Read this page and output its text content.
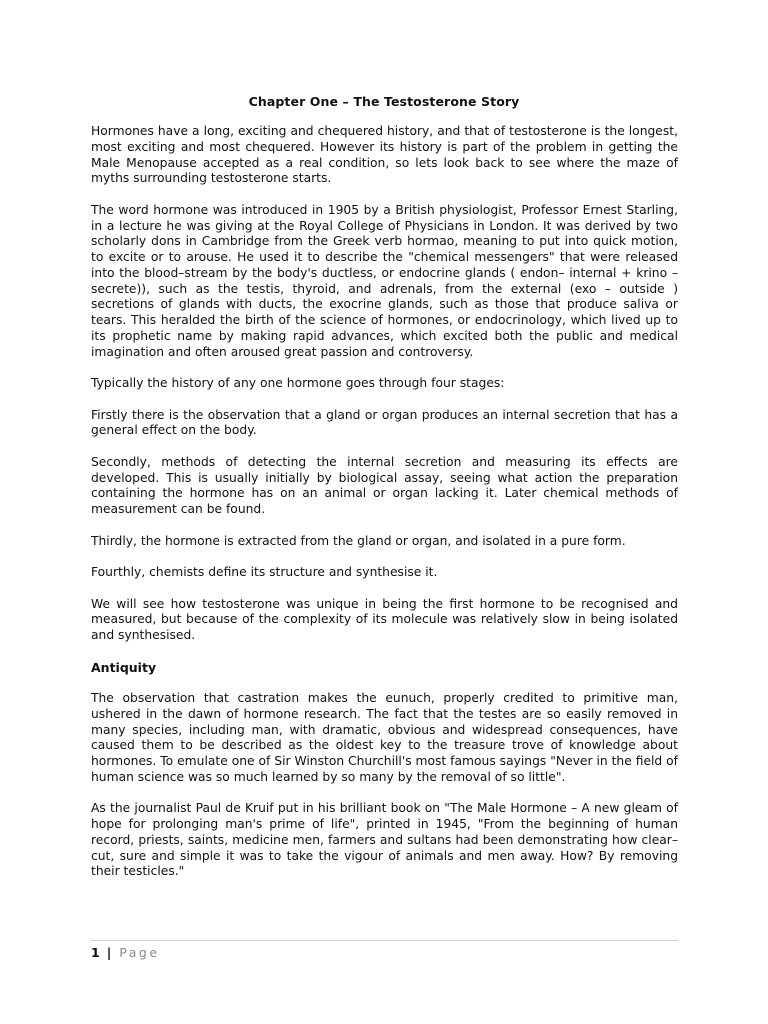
Chapter One – The Testosterone Story

Hormones have a long, exciting and chequered history, and that of testosterone is the longest, most exciting and most chequered. However its history is part of the problem in getting the Male Menopause accepted as a real condition, so lets look back to see where the maze of myths surrounding testosterone starts.

The word hormone was introduced in 1905 by a British physiologist, Professor Ernest Starling, in a lecture he was giving at the Royal College of Physicians in London. It was derived by two scholarly dons in Cambridge from the Greek verb hormao, meaning to put into quick motion, to excite or to arouse. He used it to describe the "chemical messengers" that were released into the blood–stream by the body's ductless, or endocrine glands ( endon– internal + krino – secrete)), such as the testis, thyroid, and adrenals, from the external (exo – outside ) secretions of glands with ducts, the exocrine glands, such as those that produce saliva or tears. This heralded the birth of the science of hormones, or endocrinology, which lived up to its prophetic name by making rapid advances, which excited both the public and medical imagination and often aroused great passion and controversy.

Typically the history of any one hormone goes through four stages:

Firstly there is the observation that a gland or organ produces an internal secretion that has a general effect on the body.

Secondly, methods of detecting the internal secretion and measuring its effects are developed. This is usually initially by biological assay, seeing what action the preparation containing the hormone has on an animal or organ lacking it. Later chemical methods of measurement can be found.

Thirdly, the hormone is extracted from the gland or organ, and isolated in a pure form.

Fourthly, chemists define its structure and synthesise it.

We will see how testosterone was unique in being the first hormone to be recognised and measured, but because of the complexity of its molecule was relatively slow in being isolated and synthesised.

Antiquity

The observation that castration makes the eunuch, properly credited to primitive man, ushered in the dawn of hormone research. The fact that the testes are so easily removed in many species, including man, with dramatic, obvious and widespread consequences, have caused them to be described as the oldest key to the treasure trove of knowledge about hormones. To emulate one of Sir Winston Churchill's most famous sayings "Never in the field of human science was so much learned by so many by the removal of so little".

As the journalist Paul de Kruif put in his brilliant book on "The Male Hormone – A new gleam of hope for prolonging man's prime of life", printed in 1945, "From the beginning of human record, priests, saints, medicine men, farmers and sultans had been demonstrating how clear–cut, sure and simple it was to take the vigour of animals and men away. How? By removing their testicles."

1 | Page
